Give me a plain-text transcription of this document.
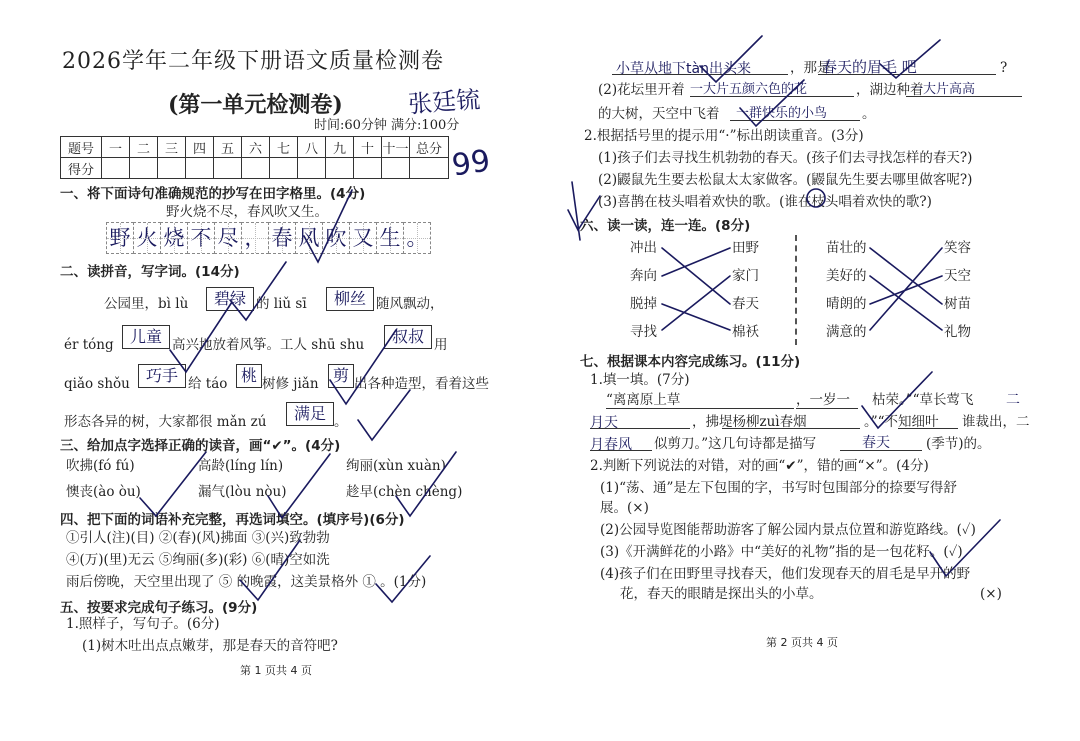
2026学年二年级下册语文质量检测卷
(第一单元检测卷)	张廷锍
时间:60分钟 满分:100分
题号	一	二	三	四	五	六	七	八	九	十	十一	总分
得分													99
一、将下面诗句准确规范的抄写在田字格里。(4分)
野火烧不尽，春风吹又生。
野 火 烧 不 尽 ， 春 风 吹 又 生 。
二、读拼音，写字词。(14分)
公园里，bì lù	碧绿 的 liǔ sī	柳丝 随风飘动，
ér tóng	儿童 高兴地放着风筝。工人 shū shu	叔叔 用
qiǎo shǒu	巧手 给 táo 桃 树修 jiǎn 剪 出各种造型，看着这些
形态各异的树，大家都很 mǎn zú	满足 。
三、给加点字选择正确的读音，画“✔”。(4分)
吹拂(fó fú)	高龄(líng lín)	绚丽(xùn xuàn)
懊丧(ào òu)	漏气(lòu nòu)	趁早(chèn chèng)
四、把下面的词语补充完整，再选词填空。(填序号)(6分)
①引人(注)(目) ②(春)(风)拂面 ③(兴)致勃勃
④(万)(里)无云 ⑤绚丽(多)(彩) ⑥(晴)空如洗
雨后傍晚，天空里出现了 ⑤ 的晚霞，这美景格外 ① 。(1分)
五、按要求完成句子练习。(9分)
1.照样子，写句子。(6分)
(1)树木吐出点点嫩芽，那是春天的音符吧?
第 1 页共 4 页
小草从地下tàn出头来	，那是
春天的眉毛 吧	?
(2)花坛里开着 一大片五颜六色的花	，湖边种着
一大片高高
的大树，天空中飞着 一群快乐的小鸟	。
2.根据括号里的提示用“·”标出朗读重音。(3分)
(1)孩子们去寻找生机勃勃的春天。(孩子们去寻找怎样的春天?)
(2)鼹鼠先生要去松鼠太太家做客。(鼹鼠先生要去哪里做客呢?)
(3)喜鹊在枝头唱着欢快的歌。(谁在枝头唱着欢快的歌?)
六、读一读，连一连。(8分)
冲出
奔向
脱掉
寻找
田野
家门
春天
棉袄
苗壮的
美好的
晴朗的
满意的
笑容
天空
树苗
礼物
七、根据课本内容完成练习。(11分)
1.填一填。(7分)
“离离原上草	，一岁一 枯荣。”“草长莺飞 二
月天	，拂堤杨柳zuì春烟	。”“不知细叶 谁裁出，二
月春风 似剪刀。”这几句诗都是描写	春天	(季节)的。
2.判断下列说法的对错，对的画“✔”，错的画“×”。(4分)
(1)“荡、通”是左下包围的字，书写时包围部分的捺要写得舒
展。(×)
(2)公园导览图能帮助游客了解公园内景点位置和游览路线。(✓)
(3)《开满鲜花的小路》中“美好的礼物”指的是一包花籽。(✓)
(4)孩子们在田野里寻找春天，他们发现春天的眉毛是早开的野
花，春天的眼睛是探出头的小草。	(×)
第 2 页共 4 页
